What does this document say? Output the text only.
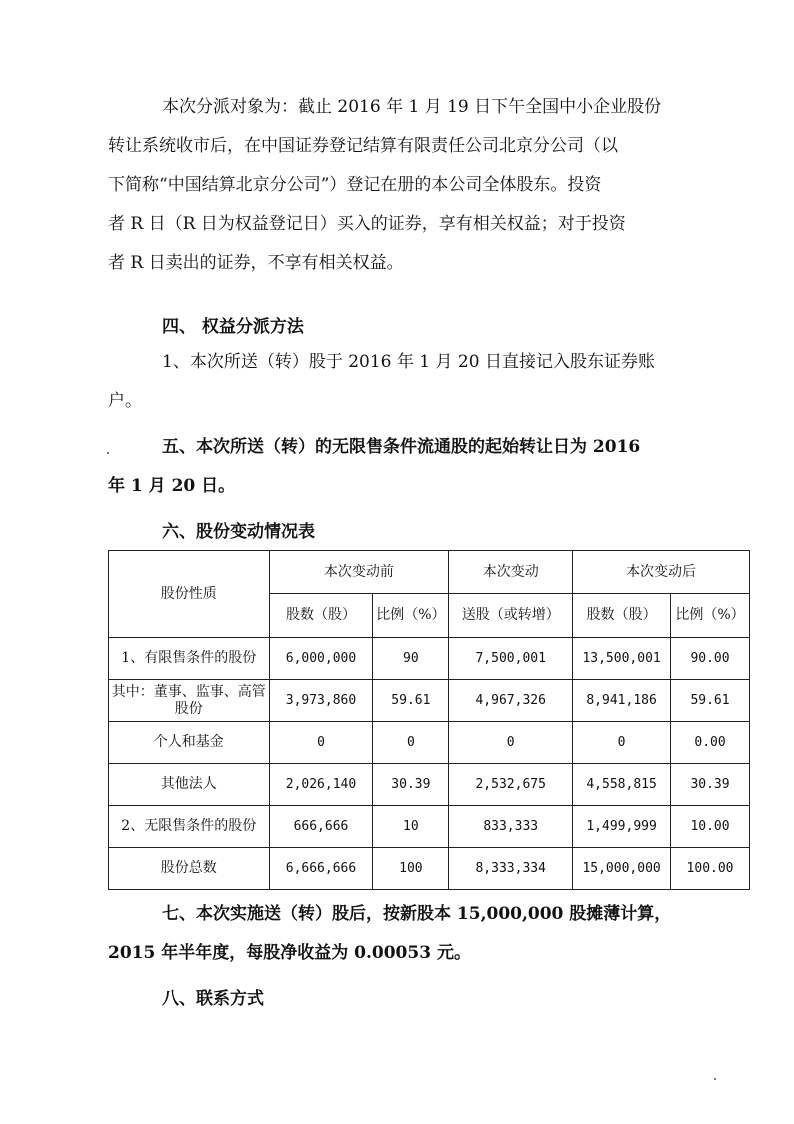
本次分派对象为：截止 2016 年 1 月 19 日下午全国中小企业股份
转让系统收市后，在中国证券登记结算有限责任公司北京分公司（以
下简称“中国结算北京分公司”）登记在册的本公司全体股东。投资
者 R 日（R 日为权益登记日）买入的证券，享有相关权益；对于投资
者 R 日卖出的证券，不享有相关权益。

四、 权益分派方法

1、本次所送（转）股于 2016 年 1 月 20 日直接记入股东证券账
户。

五、本次所送（转）的无限售条件流通股的起始转让日为 2016
年 1 月 20 日。

六、股份变动情况表

股份性质	本次变动前		本次变动	本次变动后	
	股数（股）	比例（%）	送股（或转增）	股数（股）	比例（%）
1、有限售条件的股份	6,000,000	90	7,500,001	13,500,001	90.00
其中：董事、监事、高管股份	3,973,860	59.61	4,967,326	8,941,186	59.61
个人和基金	0	0	0	0	0.00
其他法人	2,026,140	30.39	2,532,675	4,558,815	30.39
2、无限售条件的股份	666,666	10	833,333	1,499,999	10.00
股份总数	6,666,666	100	8,333,334	15,000,000	100.00

七、本次实施送（转）股后，按新股本 15,000,000 股摊薄计算，
2015 年半年度，每股净收益为 0.00053 元。

八、联系方式
